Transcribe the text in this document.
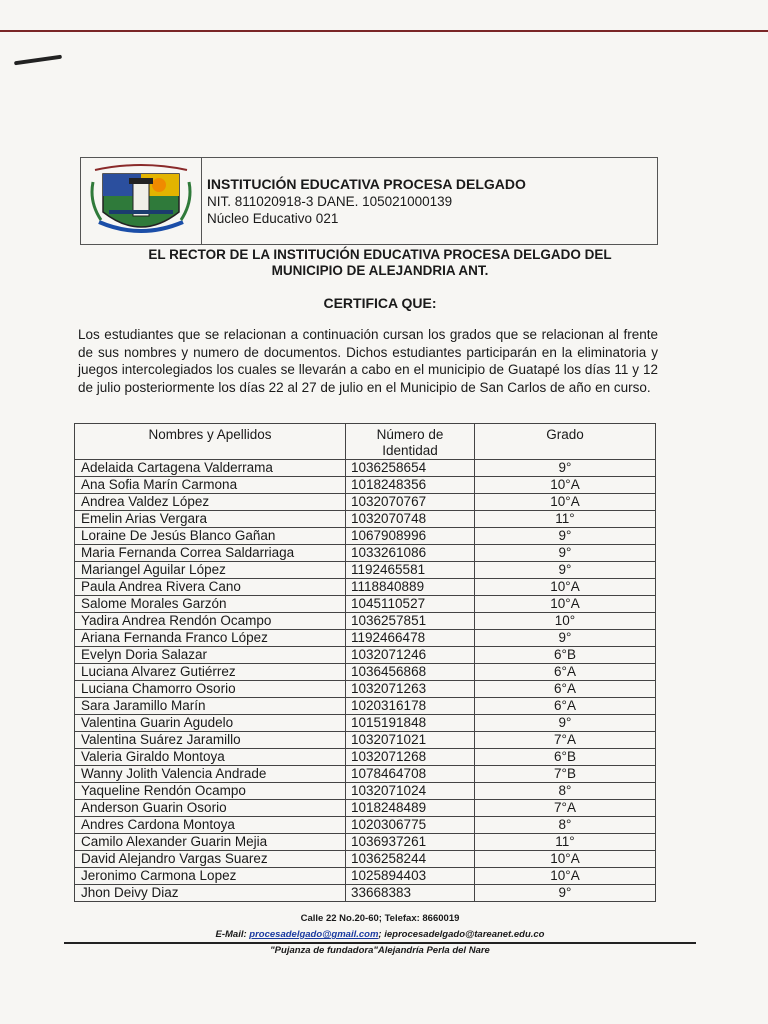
INSTITUCIÓN EDUCATIVA PROCESA DELGADO
NIT. 811020918-3 DANE. 105021000139
Núcleo Educativo 021
EL RECTOR DE LA INSTITUCIÓN EDUCATIVA PROCESA DELGADO DEL
MUNICIPIO DE ALEJANDRIA ANT.
CERTIFICA QUE:
Los estudiantes que se relacionan a continuación cursan los grados que se relacionan al frente de sus nombres y numero de documentos. Dichos estudiantes participarán en la eliminatoria y juegos intercolegiados los cuales se llevarán a cabo en el municipio de Guatapé los días 11 y 12 de julio posteriormente los días 22 al 27 de julio en el Municipio de San Carlos de año en curso.
Nombres y Apellidos	Número de Identidad	Grado
Adelaida Cartagena Valderrama	1036258654	9°
Ana Sofia Marín Carmona	1018248356	10°A
Andrea Valdez López	1032070767	10°A
Emelin Arias Vergara	1032070748	11°
Loraine De Jesús Blanco Gañan	1067908996	9°
Maria Fernanda Correa Saldarriaga	1033261086	9°
Mariangel Aguilar López	1192465581	9°
Paula Andrea Rivera Cano	1118840889	10°A
Salome Morales Garzón	1045110527	10°A
Yadira Andrea Rendón Ocampo	1036257851	10°
Ariana Fernanda Franco López	1192466478	9°
Evelyn Doria Salazar	1032071246	6°B
Luciana Alvarez Gutiérrez	1036456868	6°A
Luciana Chamorro Osorio	1032071263	6°A
Sara Jaramillo Marín	1020316178	6°A
Valentina Guarin Agudelo	1015191848	9°
Valentina Suárez Jaramillo	1032071021	7°A
Valeria Giraldo Montoya	1032071268	6°B
Wanny Jolith Valencia Andrade	1078464708	7°B
Yaqueline Rendón Ocampo	1032071024	8°
Anderson Guarin Osorio	1018248489	7°A
Andres Cardona Montoya	1020306775	8°
Camilo Alexander Guarin Mejia	1036937261	11°
David Alejandro Vargas Suarez	1036258244	10°A
Jeronimo Carmona Lopez	1025894403	10°A
Jhon Deivy Diaz	33668383	9°
Calle 22 No.20-60; Telefax: 8660019
E-Mail: procesadelgado@gmail.com; ieprocesadelgado@tareanet.edu.co
"Pujanza de fundadora"Alejandría Perla del Nare
